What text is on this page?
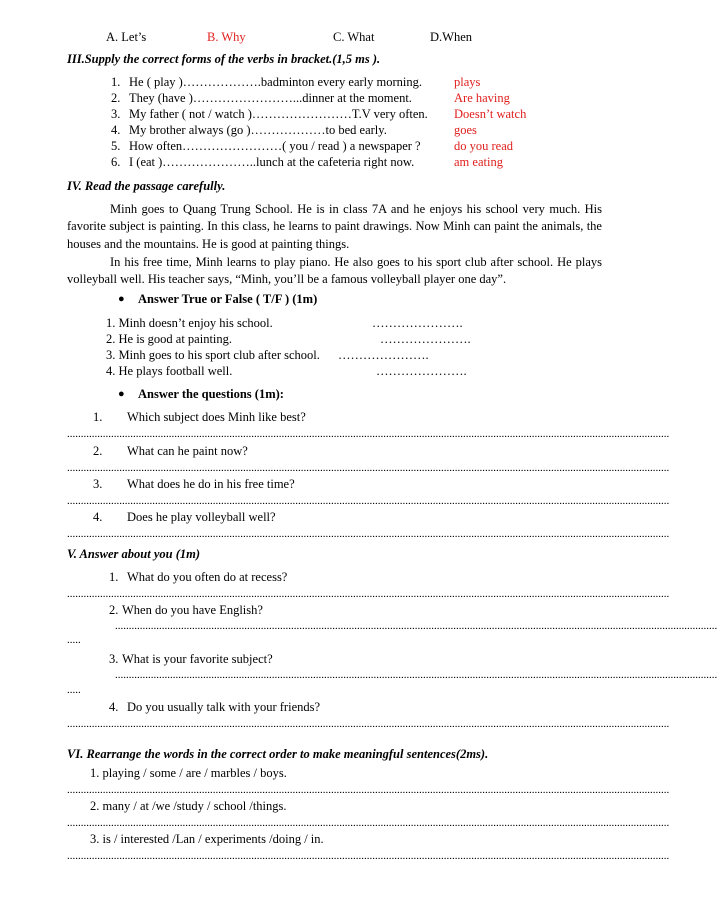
A. Let’s	B. Why	C. What	D.When
III.Supply the correct forms of the verbs in bracket.(1,5 ms ).
1. He ( play )……………….badminton every early morning.	plays
2. They (have )……………………...dinner at the moment.	Are having
3. My father ( not / watch )……………………T.V very often. Doesn’t watch
4. My brother always (go )………………to bed early.	goes
5. How often……………………( you / read ) a newspaper ?	do you read
6. I (eat )…………………..lunch at the cafeteria right now.	am eating
IV. Read the passage carefully.
Minh goes to Quang Trung School. He is in class 7A and he enjoys his school very much. His favorite subject is painting. In this class, he learns to paint drawings. Now Minh can paint the animals, the houses and the mountains. He is good at painting things.
In his free time, Minh learns to play piano. He also goes to his sport club after school. He plays volleyball well. His teacher says, “Minh, you’ll be a famous volleyball player one day”.
● Answer True or False ( T/F ) (1m)
1. Minh doesn’t enjoy his school.	………………….
2. He is good at painting.	………………….
3. Minh goes to his sport club after school. ………………….
4. He plays football well.	………………….
● Answer the questions (1m):
1. Which subject does Minh like best?
...........................................................................................................................................................................................................................
2. What can he paint now?
...........................................................................................................................................................................................................................
3. What does he do in his free time?
...........................................................................................................................................................................................................................
4. Does he play volleyball well?
...........................................................................................................................................................................................................................
V. Answer about you (1m)
1. What do you often do at recess?
...........................................................................................................................................................................................................................
2. When do you have English?
...........................................................................................................................................................................................................................
.....
3. What is your favorite subject?
...........................................................................................................................................................................................................................
.....
4. Do you usually talk with your friends?
...........................................................................................................................................................................................................................
VI. Rearrange the words in the correct order to make meaningful sentences(2ms).
1. playing / some / are / marbles / boys.
...........................................................................................................................................................................................................................
2. many / at /we /study / school /things.
...........................................................................................................................................................................................................................
3. is / interested /Lan / experiments /doing / in.
...........................................................................................................................................................................................................................
